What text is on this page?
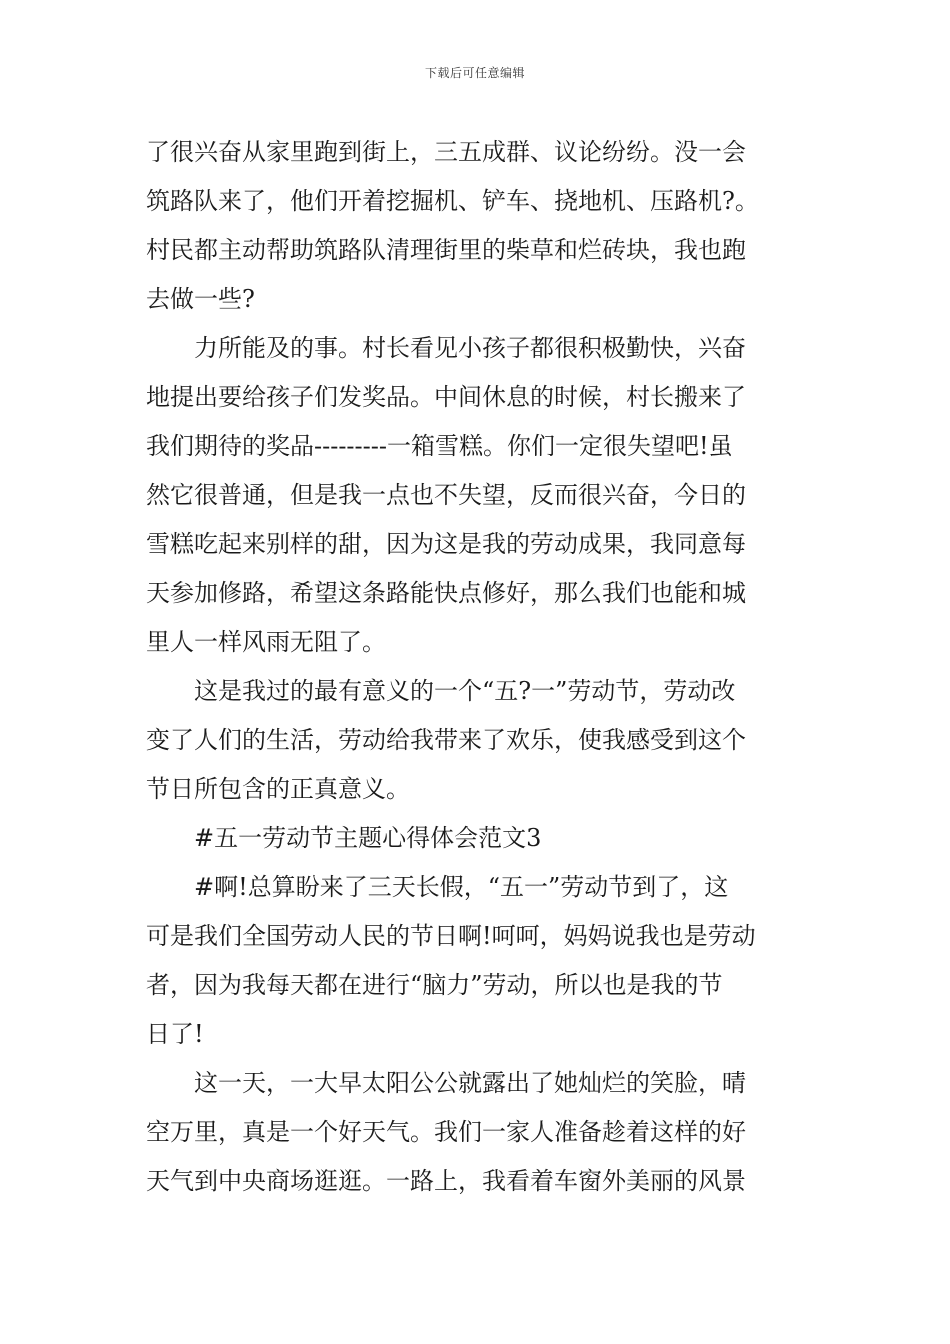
下载后可任意编辑
了很兴奋从家里跑到街上，三五成群、议论纷纷。没一会
筑路队来了，他们开着挖掘机、铲车、挠地机、压路机?。
村民都主动帮助筑路队清理街里的柴草和烂砖块，我也跑
去做一些?
力所能及的事。村长看见小孩子都很积极勤快，兴奋
地提出要给孩子们发奖品。中间休息的时候，村长搬来了
我们期待的奖品---------一箱雪糕。你们一定很失望吧!虽
然它很普通，但是我一点也不失望，反而很兴奋，今日的
雪糕吃起来别样的甜，因为这是我的劳动成果，我同意每
天参加修路，希望这条路能快点修好，那么我们也能和城
里人一样风雨无阻了。
这是我过的最有意义的一个“五?一”劳动节，劳动改
变了人们的生活，劳动给我带来了欢乐，使我感受到这个
节日所包含的正真意义。
#五一劳动节主题心得体会范文3
#啊!总算盼来了三天长假，“五一”劳动节到了，这
可是我们全国劳动人民的节日啊!呵呵，妈妈说我也是劳动
者，因为我每天都在进行“脑力”劳动，所以也是我的节
日了!
这一天，一大早太阳公公就露出了她灿烂的笑脸，晴
空万里，真是一个好天气。我们一家人准备趁着这样的好
天气到中央商场逛逛。一路上，我看着车窗外美丽的风景
